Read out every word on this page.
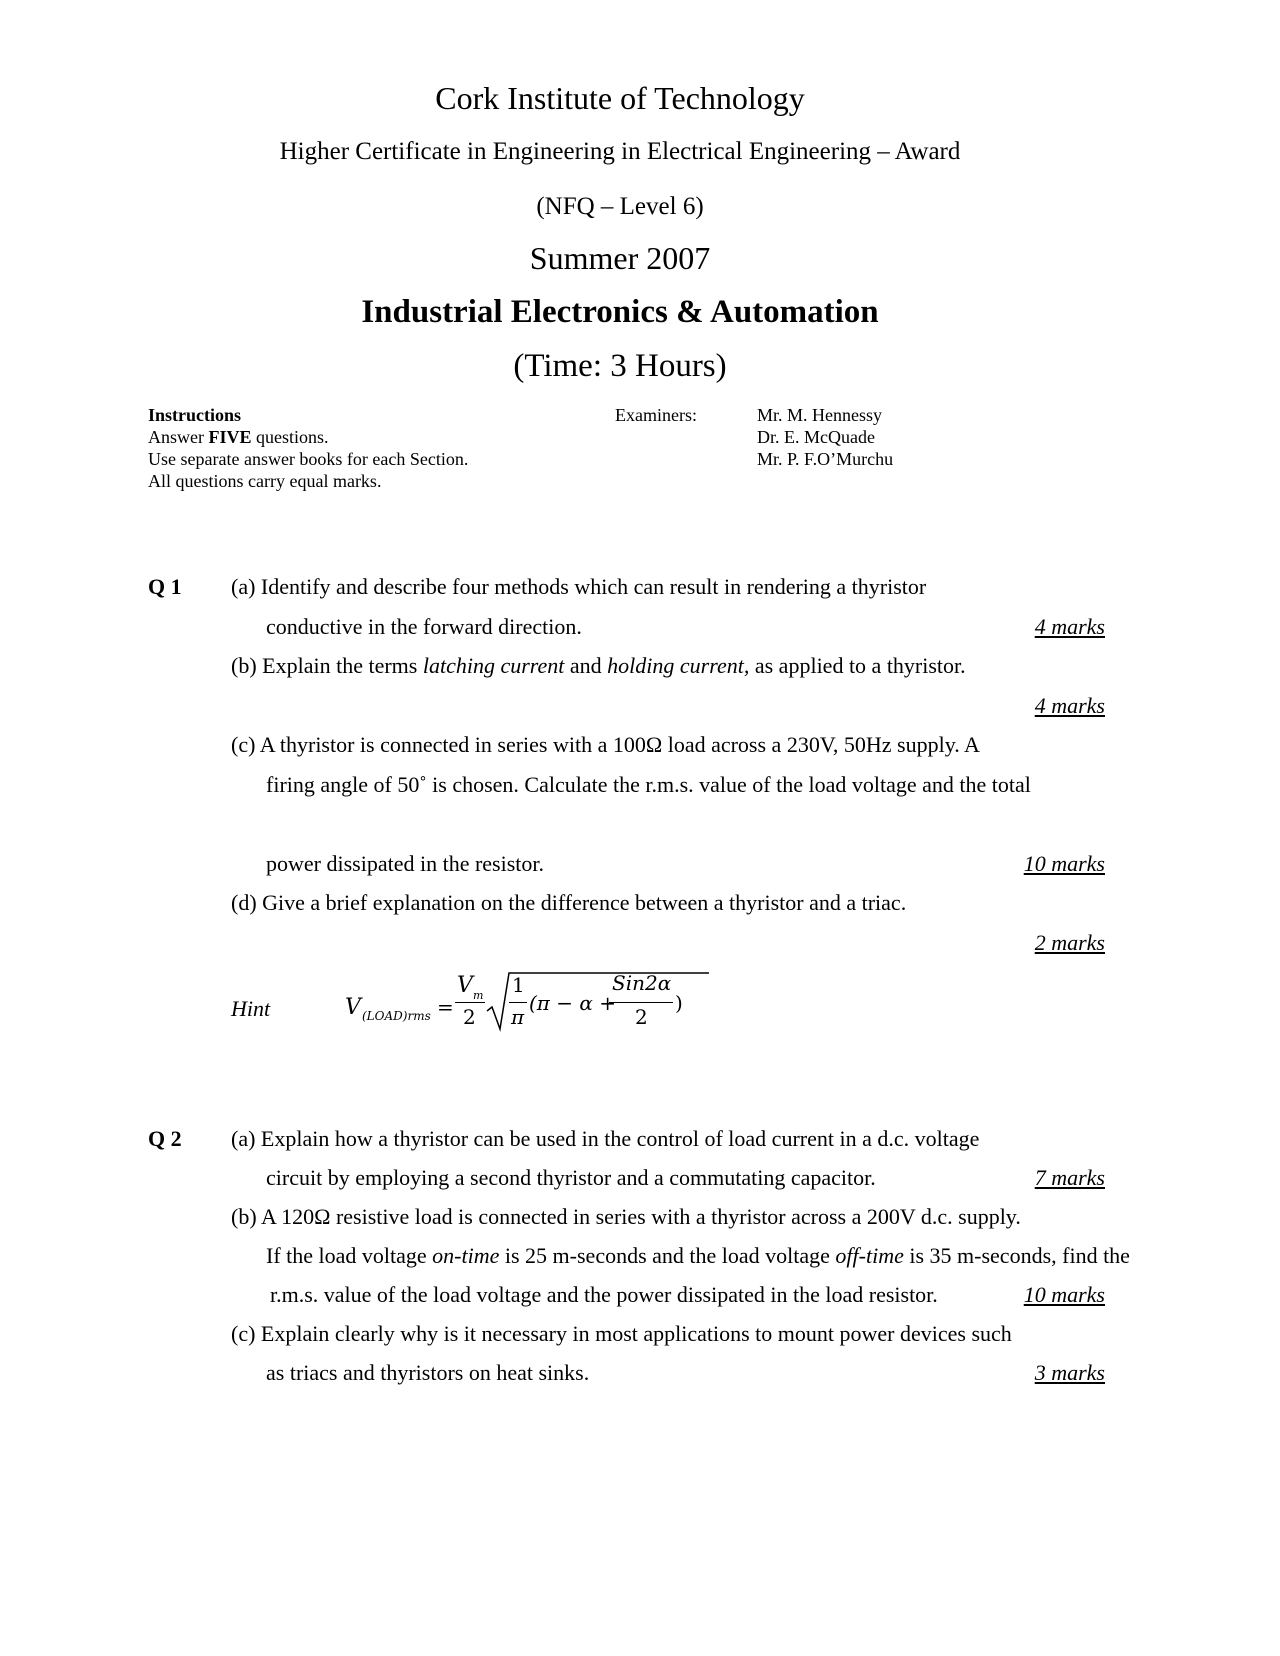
Cork Institute of Technology
Higher Certificate in Engineering in Electrical Engineering – Award
(NFQ – Level 6)
Summer 2007
Industrial Electronics & Automation
(Time: 3 Hours)
Instructions
Answer FIVE questions.
Use separate answer books for each Section.
All questions carry equal marks.
Examiners:	Mr. M. Hennessy
Dr. E. McQuade
Mr. P. F.O’Murchu
Q 1 (a) Identify and describe four methods which can result in rendering a thyristor
conductive in the forward direction.	4 marks
(b) Explain the terms latching current and holding current, as applied to a thyristor.
4 marks
(c) A thyristor is connected in series with a 100Ω load across a 230V, 50Hz supply. A
firing angle of 50˚ is chosen. Calculate the r.m.s. value of the load voltage and the total
power dissipated in the resistor.	10 marks
(d) Give a brief explanation on the difference between a thyristor and a triac.
2 marks
Hint	V (LOAD)rms =
V m
2
1
π
(π − α +
Sin2α
2
)
Q 2 (a) Explain how a thyristor can be used in the control of load current in a d.c. voltage
circuit by employing a second thyristor and a commutating capacitor.	7 marks
(b) A 120Ω resistive load is connected in series with a thyristor across a 200V d.c. supply.
If the load voltage on-time is 25 m-seconds and the load voltage off-time is 35 m-seconds, find the
r.m.s. value of the load voltage and the power dissipated in the load resistor.	10 marks
(c) Explain clearly why is it necessary in most applications to mount power devices such
as triacs and thyristors on heat sinks.	3 marks
